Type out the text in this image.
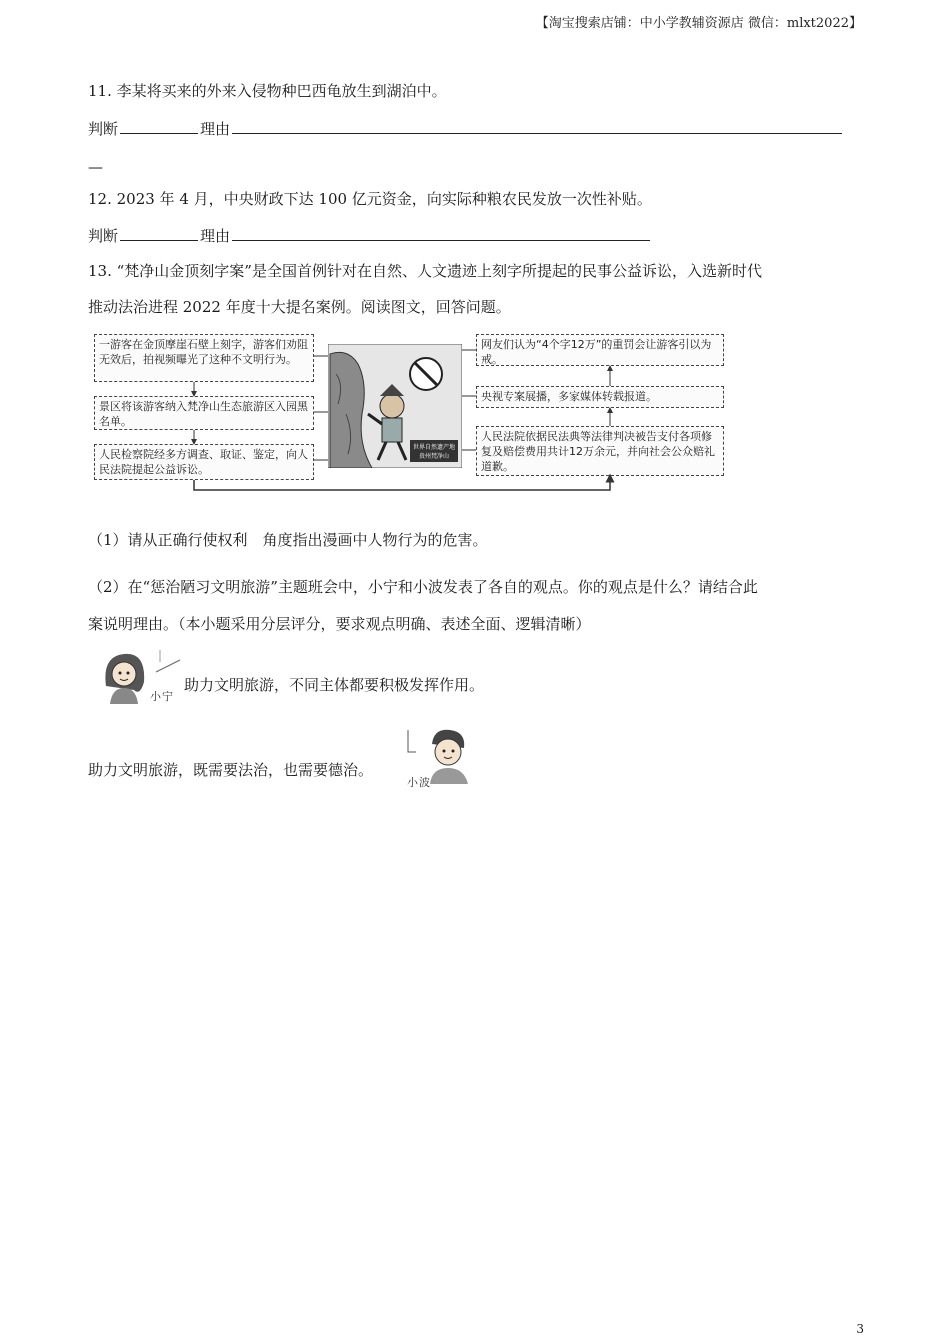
【淘宝搜索店铺：中小学教辅资源店 微信：mlxt2022】
11. 李某将买来的外来入侵物种巴西龟放生到湖泊中。
判断	理由
—
12. 2023 年 4 月，中央财政下达 100 亿元资金，向实际种粮农民发放一次性补贴。
判断	理由
13. “梵净山金顶刻字案”是全国首例针对在自然、人文遗迹上刻字所提起的民事公益诉讼，入选新时代
推动法治进程 2022 年度十大提名案例。阅读图文，回答问题。
一游客在金顶摩崖石壁上刻字，游客们劝阻无效后，拍视频曝光了这种不文明行为。
景区将该游客纳入梵净山生态旅游区入园黑名单。
人民检察院经多方调查、取证、鉴定，向人民法院提起公益诉讼。
网友们认为“4个字12万”的重罚会让游客引以为戒。
央视专案展播，多家媒体转载报道。
人民法院依据民法典等法律判决被告支付各项修复及赔偿费用共计12万余元，并向社会公众赔礼道歉。
世界自然遗产地
贵州梵净山
（1）请从正确行使权利　角度指出漫画中人物行为的危害。
（2）在“惩治陋习文明旅游”主题班会中，小宁和小波发表了各自的观点。你的观点是什么？请结合此
案说明理由。（本小题采用分层评分，要求观点明确、表述全面、逻辑清晰）
小宁
助力文明旅游，不同主体都要积极发挥作用。
助力文明旅游，既需要法治，也需要德治。
小波
3
